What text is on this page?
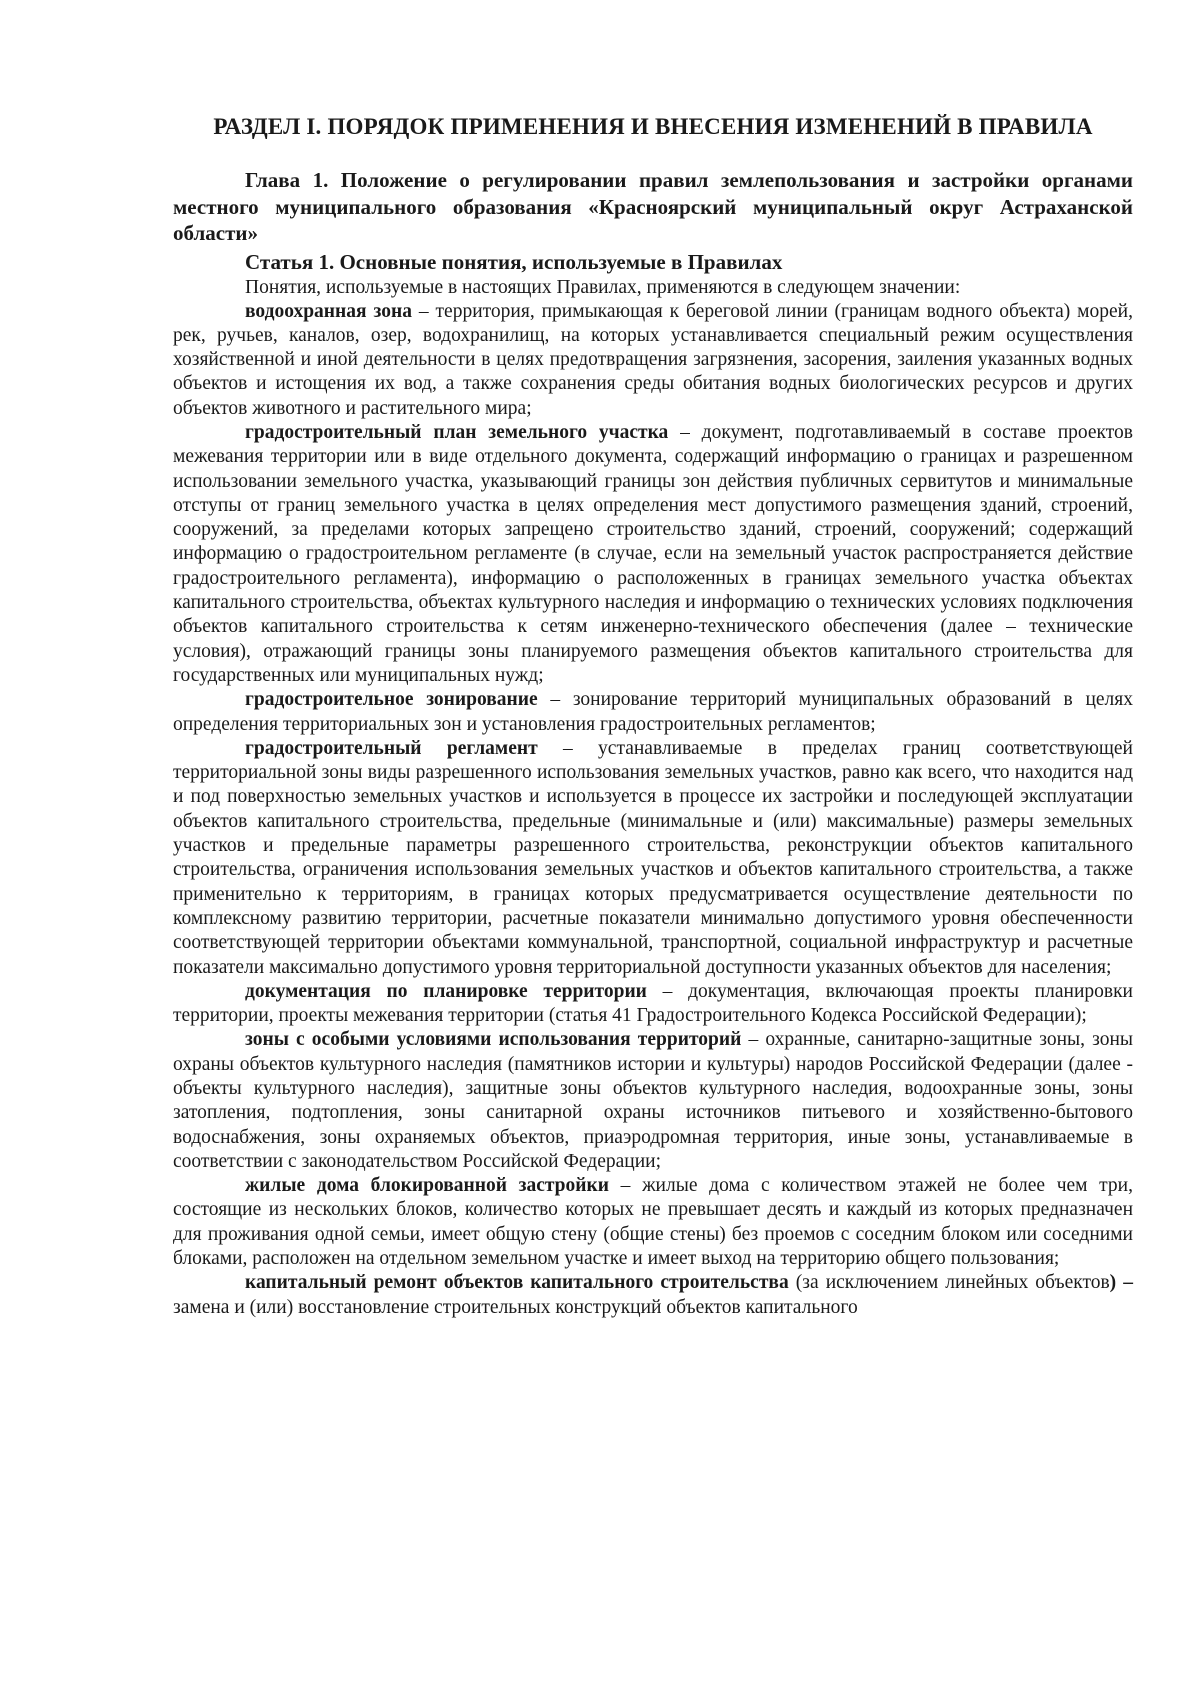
РАЗДЕЛ I. ПОРЯДОК ПРИМЕНЕНИЯ И ВНЕСЕНИЯ ИЗМЕНЕНИЙ В ПРАВИЛА

Глава 1. Положение о регулировании правил землепользования и застройки органами местного муниципального образования «Красноярский муниципальный округ Астраханской области»

Статья 1. Основные понятия, используемые в Правилах

Понятия, используемые в настоящих Правилах, применяются в следующем значении:

водоохранная зона – территория, примыкающая к береговой линии (границам водного объекта) морей, рек, ручьев, каналов, озер, водохранилищ, на которых устанавливается специальный режим осуществления хозяйственной и иной деятельности в целях предотвращения загрязнения, засорения, заиления указанных водных объектов и истощения их вод, а также сохранения среды обитания водных биологических ресурсов и других объектов животного и растительного мира;

градостроительный план земельного участка – документ, подготавливаемый в составе проектов межевания территории или в виде отдельного документа, содержащий информацию о границах и разрешенном использовании земельного участка, указывающий границы зон действия публичных сервитутов и минимальные отступы от границ земельного участка в целях определения мест допустимого размещения зданий, строений, сооружений, за пределами которых запрещено строительство зданий, строений, сооружений; содержащий информацию о градостроительном регламенте (в случае, если на земельный участок распространяется действие градостроительного регламента), информацию о расположенных в границах земельного участка объектах капитального строительства, объектах культурного наследия и информацию о технических условиях подключения объектов капитального строительства к сетям инженерно-технического обеспечения (далее – технические условия), отражающий границы зоны планируемого размещения объектов капитального строительства для государственных или муниципальных нужд;

градостроительное зонирование – зонирование территорий муниципальных образований в целях определения территориальных зон и установления градостроительных регламентов;

градостроительный регламент – устанавливаемые в пределах границ соответствующей территориальной зоны виды разрешенного использования земельных участков, равно как всего, что находится над и под поверхностью земельных участков и используется в процессе их застройки и последующей эксплуатации объектов капитального строительства, предельные (минимальные и (или) максимальные) размеры земельных участков и предельные параметры разрешенного строительства, реконструкции объектов капитального строительства, ограничения использования земельных участков и объектов капитального строительства, а также применительно к территориям, в границах которых предусматривается осуществление деятельности по комплексному развитию территории, расчетные показатели минимально допустимого уровня обеспеченности соответствующей территории объектами коммунальной, транспортной, социальной инфраструктур и расчетные показатели максимально допустимого уровня территориальной доступности указанных объектов для населения;

документация по планировке территории – документация, включающая проекты планировки территории, проекты межевания территории (статья 41 Градостроительного Кодекса Российской Федерации);

зоны с особыми условиями использования территорий – охранные, санитарно-защитные зоны, зоны охраны объектов культурного наследия (памятников истории и культуры) народов Российской Федерации (далее - объекты культурного наследия), защитные зоны объектов культурного наследия, водоохранные зоны, зоны затопления, подтопления, зоны санитарной охраны источников питьевого и хозяйственно-бытового водоснабжения, зоны охраняемых объектов, приаэродромная территория, иные зоны, устанавливаемые в соответствии с законодательством Российской Федерации;

жилые дома блокированной застройки – жилые дома с количеством этажей не более чем три, состоящие из нескольких блоков, количество которых не превышает десять и каждый из которых предназначен для проживания одной семьи, имеет общую стену (общие стены) без проемов с соседним блоком или соседними блоками, расположен на отдельном земельном участке и имеет выход на территорию общего пользования;

капитальный ремонт объектов капитального строительства (за исключением линейных объектов) – замена и (или) восстановление строительных конструкций объектов капитального
